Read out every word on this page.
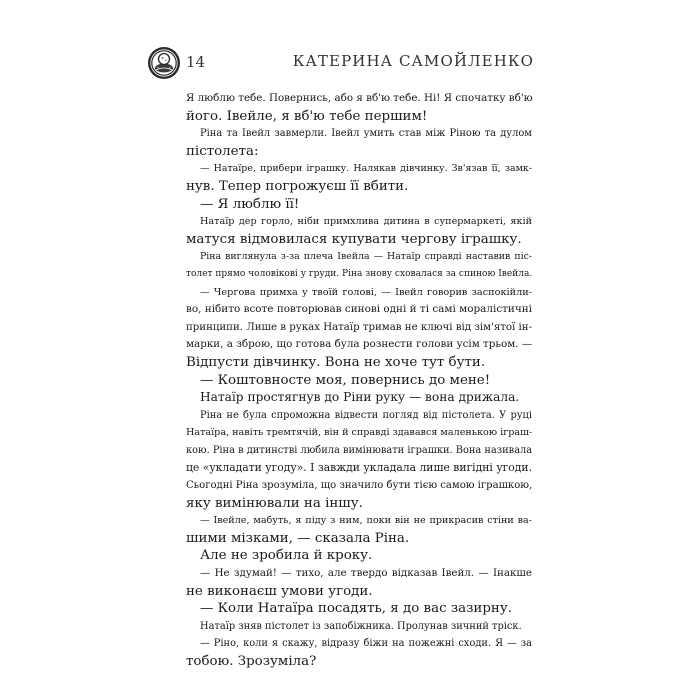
14	КАТЕРИНА САМОЙЛЕНКО
Я люблю тебе. Повернись, або я вб'ю тебе. Ні! Я спочатку вб'ю
його. Івейле, я вб'ю тебе першим!
Ріна та Івейл завмерли. Івейл умить став між Ріною та дулом
пістолета:
— Натаїре, прибери іграшку. Налякав дівчинку. Зв'язав її, замк-
нув. Тепер погрожуєш її вбити.
— Я люблю її!
Натаїр дер горло, ніби примхлива дитина в супермаркеті, якій
матуся відмовилася купувати чергову іграшку.
Ріна виглянула з-за плеча Івейла — Натаїр справді наставив піс-
толет прямо чоловікові у груди. Ріна знову сховалася за спиною Івейла.
— Чергова примха у твоїй голові, — Івейл говорив заспокійли-
во, нібито всоте повторював синові одні й ті самі моралістичні
принципи. Лише в руках Натаїр тримав не ключі від зім'ятої ін-
марки, а зброю, що готова була рознести голови усім трьом. —
Відпусти дівчинку. Вона не хоче тут бути.
— Коштовносте моя, повернись до мене!
Натаїр простягнув до Ріни руку — вона дрижала.
Ріна не була спроможна відвести погляд від пістолета. У руці
Натаїра, навіть тремтячій, він й справді здавався маленькою іграш-
кою. Ріна в дитинстві любила вимінювати іграшки. Вона називала
це «укладати угоду». І завжди укладала лише вигідні угоди.
Сьогодні Ріна зрозуміла, що значило бути тією самою іграшкою,
яку вимінювали на іншу.
— Івейле, мабуть, я піду з ним, поки він не прикрасив стіни ва-
шими мізками, — сказала Ріна.
Але не зробила й кроку.
— Не здумай! — тихо, але твердо відказав Івейл. — Інакше
не виконаєш умови угоди.
— Коли Натаїра посадять, я до вас зазирну.
Натаїр зняв пістолет із запобіжника. Пролунав зичний тріск.
— Ріно, коли я скажу, відразу біжи на пожежні сходи. Я — за
тобою. Зрозуміла?
